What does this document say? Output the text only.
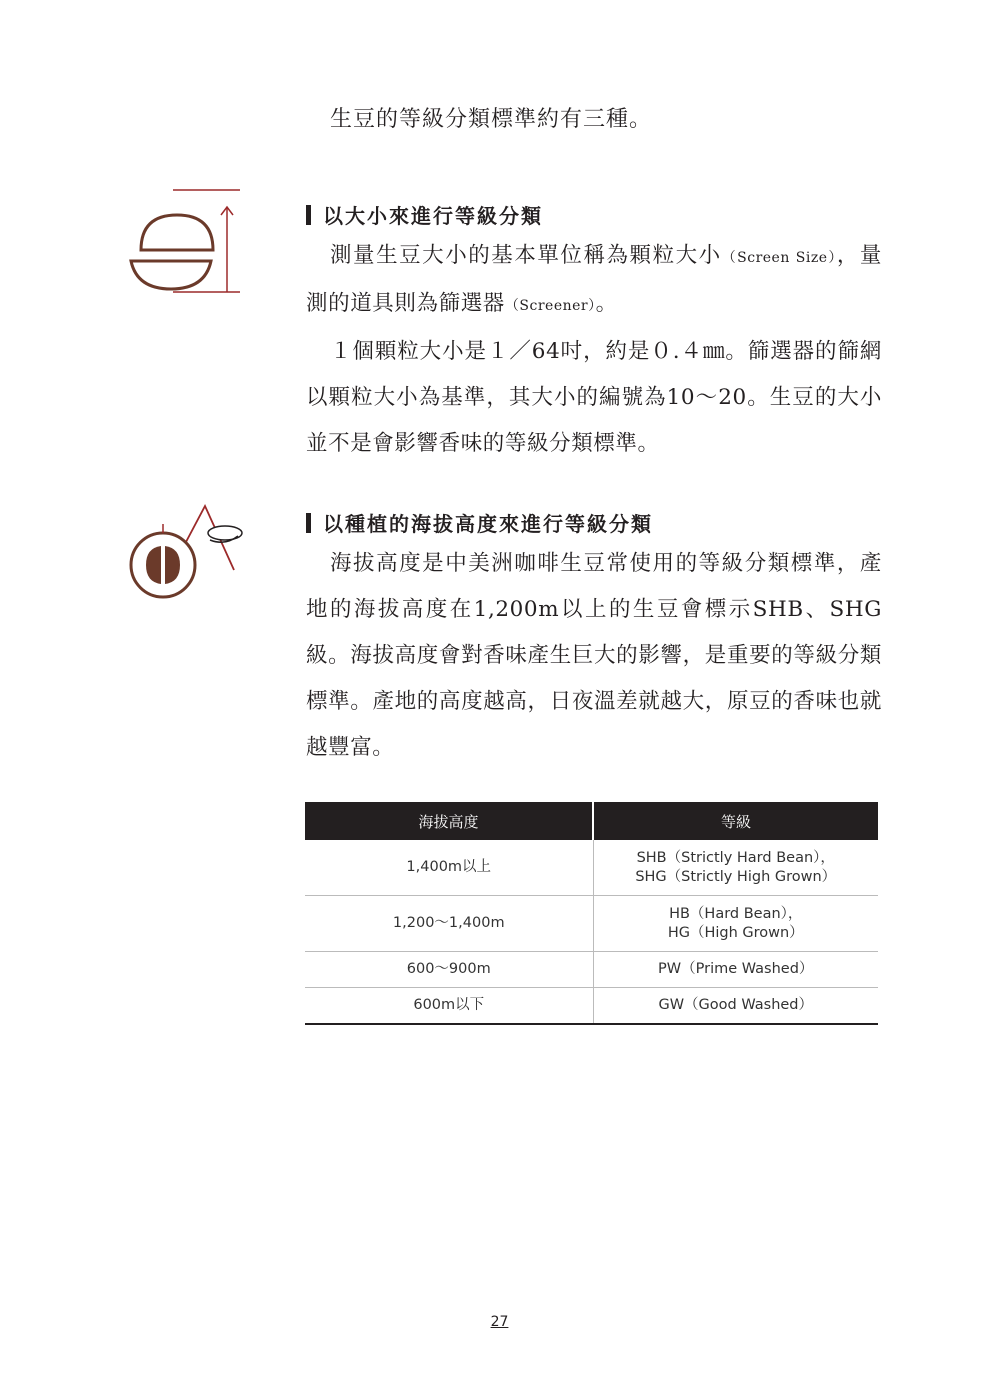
生豆的等級分類標準約有三種。
以大小來進行等級分類

測量生豆大小的基本單位稱為顆粒大小（Screen Size），量測的道具則為篩選器（Screener）。

１個顆粒大小是１／64吋，約是０.４㎜。篩選器的篩網以顆粒大小為基準，其大小的編號為10～20。生豆的大小並不是會影響香味的等級分類標準。

以種植的海拔高度來進行等級分類

海拔高度是中美洲咖啡生豆常使用的等級分類標準，產地的海拔高度在1,200m以上的生豆會標示SHB、SHG級。海拔高度會對香味產生巨大的影響，是重要的等級分類標準。產地的高度越高，日夜溫差就越大，原豆的香味也就越豐富。

海拔高度	等級
1,400m以上	SHB（Strictly Hard Bean），
SHG（Strictly High Grown）
1,200～1,400m	HB（Hard Bean），
HG（High Grown）
600～900m	PW（Prime Washed）
600m以下	GW（Good Washed）
27
